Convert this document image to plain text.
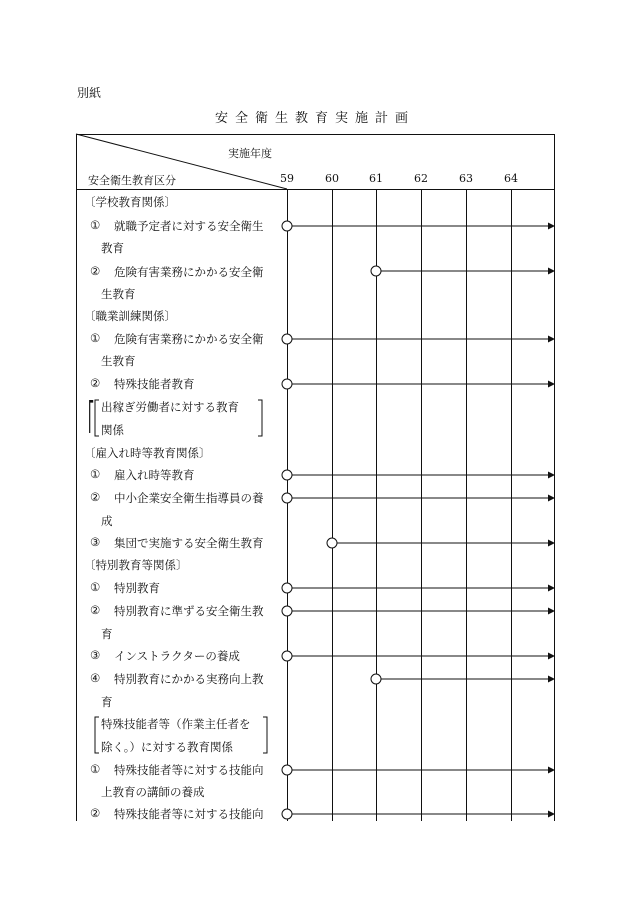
別紙
安全衛生教育実施計画
実施年度
安全衛生教育区分	59	60	61	62	63	64
〔学校教育関係〕
① 就職予定者に対する安全衛生
教育
② 危険有害業務にかかる安全衛
生教育
〔職業訓練関係〕
① 危険有害業務にかかる安全衛
生教育
② 特殊技能者教育
⎡ 出稼ぎ労働者に対する教育
関係
〔雇入れ時等教育関係〕
① 雇入れ時等教育
② 中小企業安全衛生指導員の養
成
③ 集団で実施する安全衛生教育
〔特別教育等関係〕
① 特別教育
② 特別教育に準ずる安全衛生教
育
③ インストラクターの養成
④ 特別教育にかかる実務向上教
育
特殊技能者等（作業主任者を
除く。）に対する教育関係
① 特殊技能者等に対する技能向
上教育の講師の養成
② 特殊技能者等に対する技能向
